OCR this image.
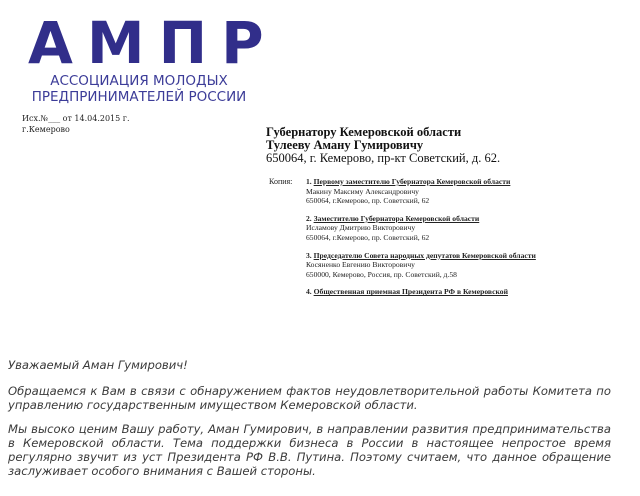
АМПР
АССОЦИАЦИЯ МОЛОДЫХ
ПРЕДПРИНИМАТЕЛЕЙ РОССИИ
Исх.№___ от 14.04.2015 г.
г.Кемерово	Губернатору Кемеровской области
Тулееву Аману Гумировичу
650064, г. Кемерово, пр-кт Советский, д. 62.
Копия: 1. Первому заместителю Губернатора Кемеровской области
Макину Максиму Александровичу
650064, г.Кемерово, пр. Советский, 62
2. Заместителю Губернатора Кемеровской области
Исламову Дмитрию Викторовичу
650064, г.Кемерово, пр. Советский, 62
3. Председателю Совета народных депутатов Кемеровской области
Косяненко Евгению Викторовичу
650000, Кемерово, Россия, пр. Советский, д.58
4. Общественная приемная Президента РФ в Кемеровской

Уважаемый Аман Гумирович!

Обращаемся к Вам в связи с обнаружением фактов неудовлетворительной работы Комитета по управлению государственным имуществом Кемеровской области.

Мы высоко ценим Вашу работу, Аман Гумирович, в направлении развития предпринимательства в Кемеровской области. Тема поддержки бизнеса в России в настоящее непростое время регулярно звучит из уст Президента РФ В.В. Путина. Поэтому считаем, что данное обращение заслуживает особого внимания с Вашей стороны.
